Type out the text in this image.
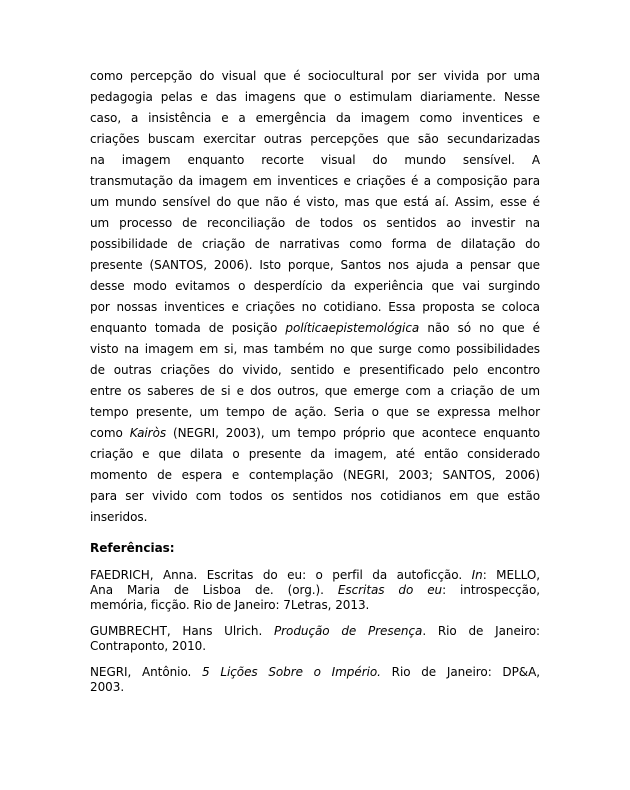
como percepção do visual que é sociocultural por ser vivida por uma
pedagogia pelas e das imagens que o estimulam diariamente. Nesse
caso, a insistência e a emergência da imagem como inventices e
criações buscam exercitar outras percepções que são secundarizadas
na imagem enquanto recorte visual do mundo sensível. A
transmutação da imagem em inventices e criações é a composição para
um mundo sensível do que não é visto, mas que está aí. Assim, esse é
um processo de reconciliação de todos os sentidos ao investir na
possibilidade de criação de narrativas como forma de dilatação do
presente (SANTOS, 2006). Isto porque, Santos nos ajuda a pensar que
desse modo evitamos o desperdício da experiência que vai surgindo
por nossas inventices e criações no cotidiano. Essa proposta se coloca
enquanto tomada de posição políticaepistemológica não só no que é
visto na imagem em si, mas também no que surge como possibilidades
de outras criações do vivido, sentido e presentificado pelo encontro
entre os saberes de si e dos outros, que emerge com a criação de um
tempo presente, um tempo de ação. Seria o que se expressa melhor
como Kairòs (NEGRI, 2003), um tempo próprio que acontece enquanto
criação e que dilata o presente da imagem, até então considerado
momento de espera e contemplação (NEGRI, 2003; SANTOS, 2006)
para ser vivido com todos os sentidos nos cotidianos em que estão
inseridos.
Referências:
FAEDRICH, Anna. Escritas do eu: o perfil da autoficção. In: MELLO,
Ana Maria de Lisboa de. (org.). Escritas do eu: introspecção,
memória, ficção. Rio de Janeiro: 7Letras, 2013.
GUMBRECHT, Hans Ulrich. Produção de Presença. Rio de Janeiro:
Contraponto, 2010.
NEGRI, Antônio. 5 Lições Sobre o Império. Rio de Janeiro: DP&A,
2003.
